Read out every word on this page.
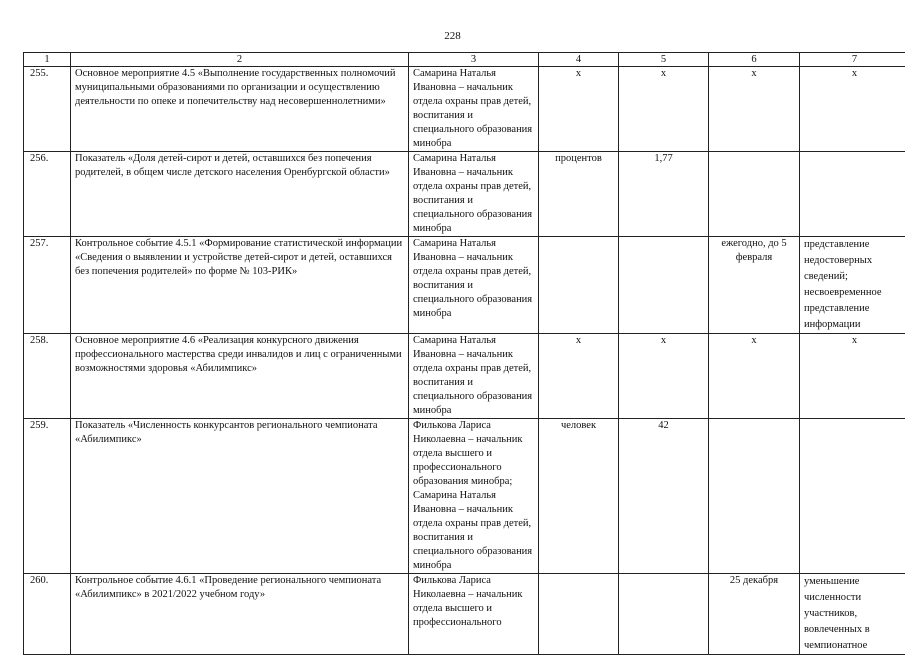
228
1	2	3	4	5	6	7
255.	Основное мероприятие 4.5 «Выполнение государственных полномочий муниципальными образованиями по организации и осуществлению деятельности по опеке и попечительству над несовершеннолетними»	Самарина Наталья Ивановна – начальник отдела охраны прав детей, воспитания и специального образования минобра	x	x	x	x
256.	Показатель «Доля детей-сирот и детей, оставшихся без попечения родителей, в общем числе детского населения Оренбургской области»	Самарина Наталья Ивановна – начальник отдела охраны прав детей, воспитания и специального образования минобра	процентов	1,77		
257.	Контрольное событие 4.5.1 «Формирование статистической информации «Сведения о выявлении и устройстве детей-сирот и детей, оставшихся без попечения родителей» по форме № 103-РИК»	Самарина Наталья Ивановна – начальник отдела охраны прав детей, воспитания и специального образования минобра			ежегодно, до 5 февраля	представление недостоверных сведений; несвоевременное представление информации
258.	Основное мероприятие 4.6 «Реализация конкурсного движения профессионального мастерства среди инвалидов и лиц с ограниченными возможностями здоровья «Абилимпикс»	Самарина Наталья Ивановна – начальник отдела охраны прав детей, воспитания и специального образования минобра	x	x	x	x
259.	Показатель «Численность конкурсантов регионального чемпионата «Абилимпикс»	Филькова Лариса Николаевна – начальник отдела высшего и профессионального образования минобра; Самарина Наталья Ивановна – начальник отдела охраны прав детей, воспитания и специального образования минобра	человек	42		
260.	Контрольное событие 4.6.1 «Проведение регионального чемпионата «Абилимпикс» в 2021/2022 учебном году»	Филькова Лариса Николаевна – начальник отдела высшего и профессионального			25 декабря	уменьшение численности участников, вовлеченных в чемпионатное
